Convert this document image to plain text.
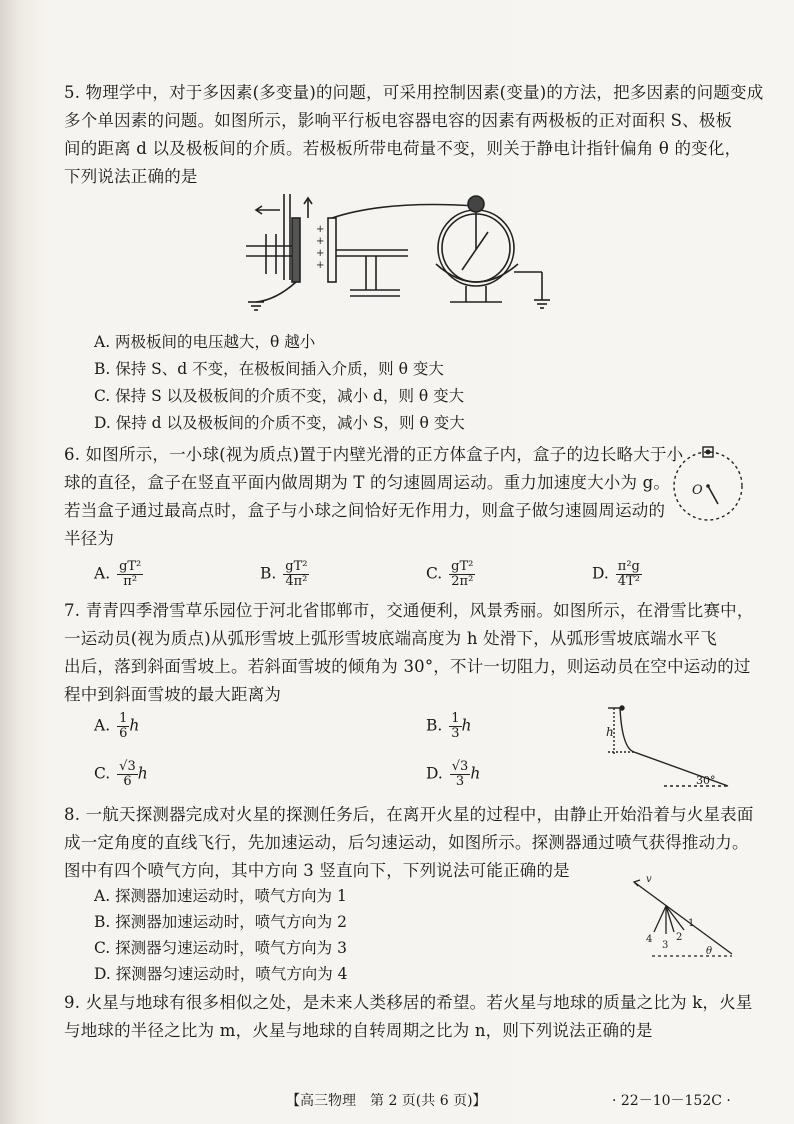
5. 物理学中，对于多因素(多变量)的问题，可采用控制因素(变量)的方法，把多因素的问题变成
多个单因素的问题。如图所示，影响平行板电容器电容的因素有两极板的正对面积 S、极板
间的距离 d 以及极板间的介质。若极板所带电荷量不变，则关于静电计指针偏角 θ 的变化，
下列说法正确的是
+
+
+
+
A. 两极板间的电压越大，θ 越小
B. 保持 S、d 不变，在极板间插入介质，则 θ 变大
C. 保持 S 以及极板间的介质不变，减小 d，则 θ 变大
D. 保持 d 以及极板间的介质不变，减小 S，则 θ 变大
6. 如图所示，一小球(视为质点)置于内壁光滑的正方体盒子内，盒子的边长略大于小
球的直径，盒子在竖直平面内做周期为 T 的匀速圆周运动。重力加速度大小为 g。
若当盒子通过最高点时，盒子与小球之间恰好无作用力，则盒子做匀速圆周运动的
半径为
O
A. $\frac{\text{gT²}}{\text{π²}}$	B. $\frac{\text{gT²}}{\text{4π²}}$	C. $\frac{\text{gT²}}{\text{2π²}}$	D. $\frac{\text{π²g}}{\text{4T²}}$
7. 青青四季滑雪草乐园位于河北省邯郸市，交通便利，风景秀丽。如图所示，在滑雪比赛中，
一运动员(视为质点)从弧形雪坡上弧形雪坡底端高度为 h 处滑下，从弧形雪坡底端水平飞
出后，落到斜面雪坡上。若斜面雪坡的倾角为 30°，不计一切阻力，则运动员在空中运动的过
程中到斜面雪坡的最大距离为
A. $\frac{1}{6}$ h	B. $\frac{1}{3}$ h
C. $\frac{√3}{6}$ h	D. $\frac{√3}{3}$ h
h
30°
8. 一航天探测器完成对火星的探测任务后，在离开火星的过程中，由静止开始沿着与火星表面
成一定角度的直线飞行，先加速运动，后匀速运动，如图所示。探测器通过喷气获得推动力。
图中有四个喷气方向，其中方向 3 竖直向下，下列说法可能正确的是
A. 探测器加速运动时，喷气方向为 1
B. 探测器加速运动时，喷气方向为 2
C. 探测器匀速运动时，喷气方向为 3
D. 探测器匀速运动时，喷气方向为 4
v
1
2
3
4
θ
9. 火星与地球有很多相似之处，是未来人类移居的希望。若火星与地球的质量之比为 k，火星
与地球的半径之比为 m，火星与地球的自转周期之比为 n，则下列说法正确的是
【高三物理　第 2 页(共 6 页)】	· 22－10－152C ·
